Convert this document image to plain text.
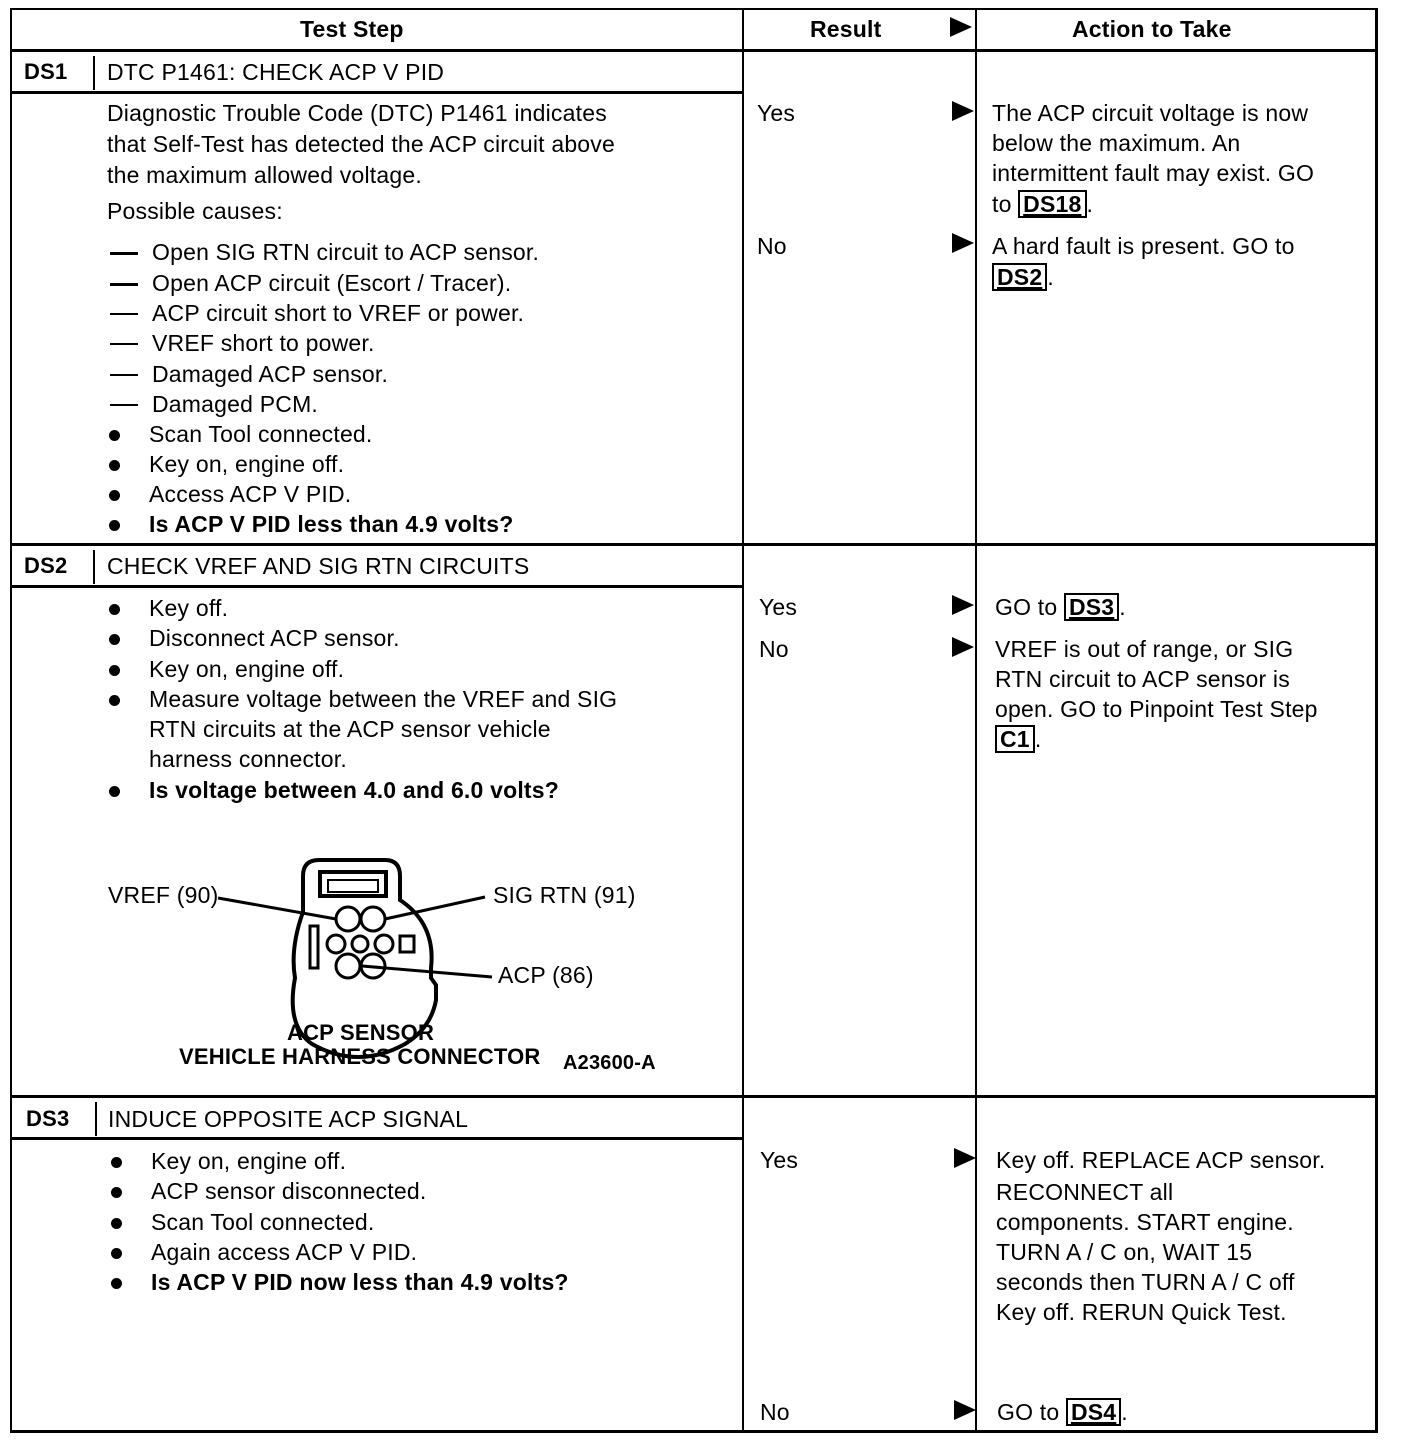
Test Step	Result	Action to Take
DS1 DTC P1461: CHECK ACP V PID
Diagnostic Trouble Code (DTC) P1461 indicates
that Self-Test has detected the ACP circuit above
the maximum allowed voltage.
Possible causes:
Open SIG RTN circuit to ACP sensor.
Open ACP circuit (Escort / Tracer).
ACP circuit short to VREF or power.
VREF short to power.
Damaged ACP sensor.
Damaged PCM.
Scan Tool connected.
Key on, engine off.
Access ACP V PID.
Is ACP V PID less than 4.9 volts?
Yes	The ACP circuit voltage is now
below the maximum. An
intermittent fault may exist. GO
to DS18 .
No	A hard fault is present. GO to
DS2 .
DS2 CHECK VREF AND SIG RTN CIRCUITS
Key off.
Disconnect ACP sensor.
Key on, engine off.
Measure voltage between the VREF and SIG
RTN circuits at the ACP sensor vehicle
harness connector.
Is voltage between 4.0 and 6.0 volts?
VREF (90)	SIG RTN (91)
ACP (86)
ACP SENSOR
VEHICLE HARNESS CONNECTOR A23600-A
Yes	GO to DS3 .
No	VREF is out of range, or SIG
RTN circuit to ACP sensor is
open. GO to Pinpoint Test Step
C1 .
DS3 INDUCE OPPOSITE ACP SIGNAL
Key on, engine off.
ACP sensor disconnected.
Scan Tool connected.
Again access ACP V PID.
Is ACP V PID now less than 4.9 volts?
Yes	Key off. REPLACE ACP sensor.
RECONNECT all
components. START engine.
TURN A / C on, WAIT 15
seconds then TURN A / C off
Key off. RERUN Quick Test.
No	GO to DS4 .
